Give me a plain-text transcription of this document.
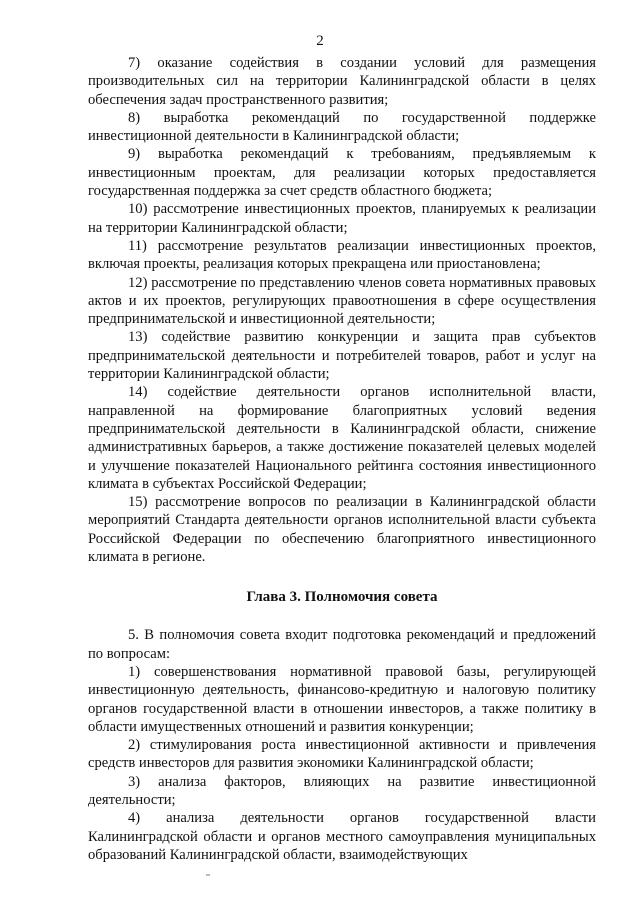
2

7) оказание содействия в создании условий для размещения производительных сил на территории Калининградской области в целях обеспечения задач пространственного развития;

8) выработка рекомендаций по государственной поддержке инвестиционной деятельности в Калининградской области;

9) выработка рекомендаций к требованиям, предъявляемым к инвестиционным проектам, для реализации которых предоставляется государственная поддержка за счет средств областного бюджета;

10) рассмотрение инвестиционных проектов, планируемых к реализации на территории Калининградской области;

11) рассмотрение результатов реализации инвестиционных проектов, включая проекты, реализация которых прекращена или приостановлена;

12) рассмотрение по представлению членов совета нормативных правовых актов и их проектов, регулирующих правоотношения в сфере осуществления предпринимательской и инвестиционной деятельности;

13) содействие развитию конкуренции и защита прав субъектов предпринимательской деятельности и потребителей товаров, работ и услуг на территории Калининградской области;

14) содействие деятельности органов исполнительной власти, направленной на формирование благоприятных условий ведения предпринимательской деятельности в Калининградской области, снижение административных барьеров, а также достижение показателей целевых моделей и улучшение показателей Национального рейтинга состояния инвестиционного климата в субъектах Российской Федерации;

15) рассмотрение вопросов по реализации в Калининградской области мероприятий Стандарта деятельности органов исполнительной власти субъекта Российской Федерации по обеспечению благоприятного инвестиционного климата в регионе.

Глава 3. Полномочия совета

5. В полномочия совета входит подготовка рекомендаций и предложений по вопросам:

1) совершенствования нормативной правовой базы, регулирующей инвестиционную деятельность, финансово-кредитную и налоговую политику органов государственной власти в отношении инвесторов, а также политику в области имущественных отношений и развития конкуренции;

2) стимулирования роста инвестиционной активности и привлечения средств инвесторов для развития экономики Калининградской области;

3) анализа факторов, влияющих на развитие инвестиционной деятельности;

4) анализа деятельности органов государственной власти Калининградской области и органов местного самоуправления муниципальных образований Калининградской области, взаимодействующих
